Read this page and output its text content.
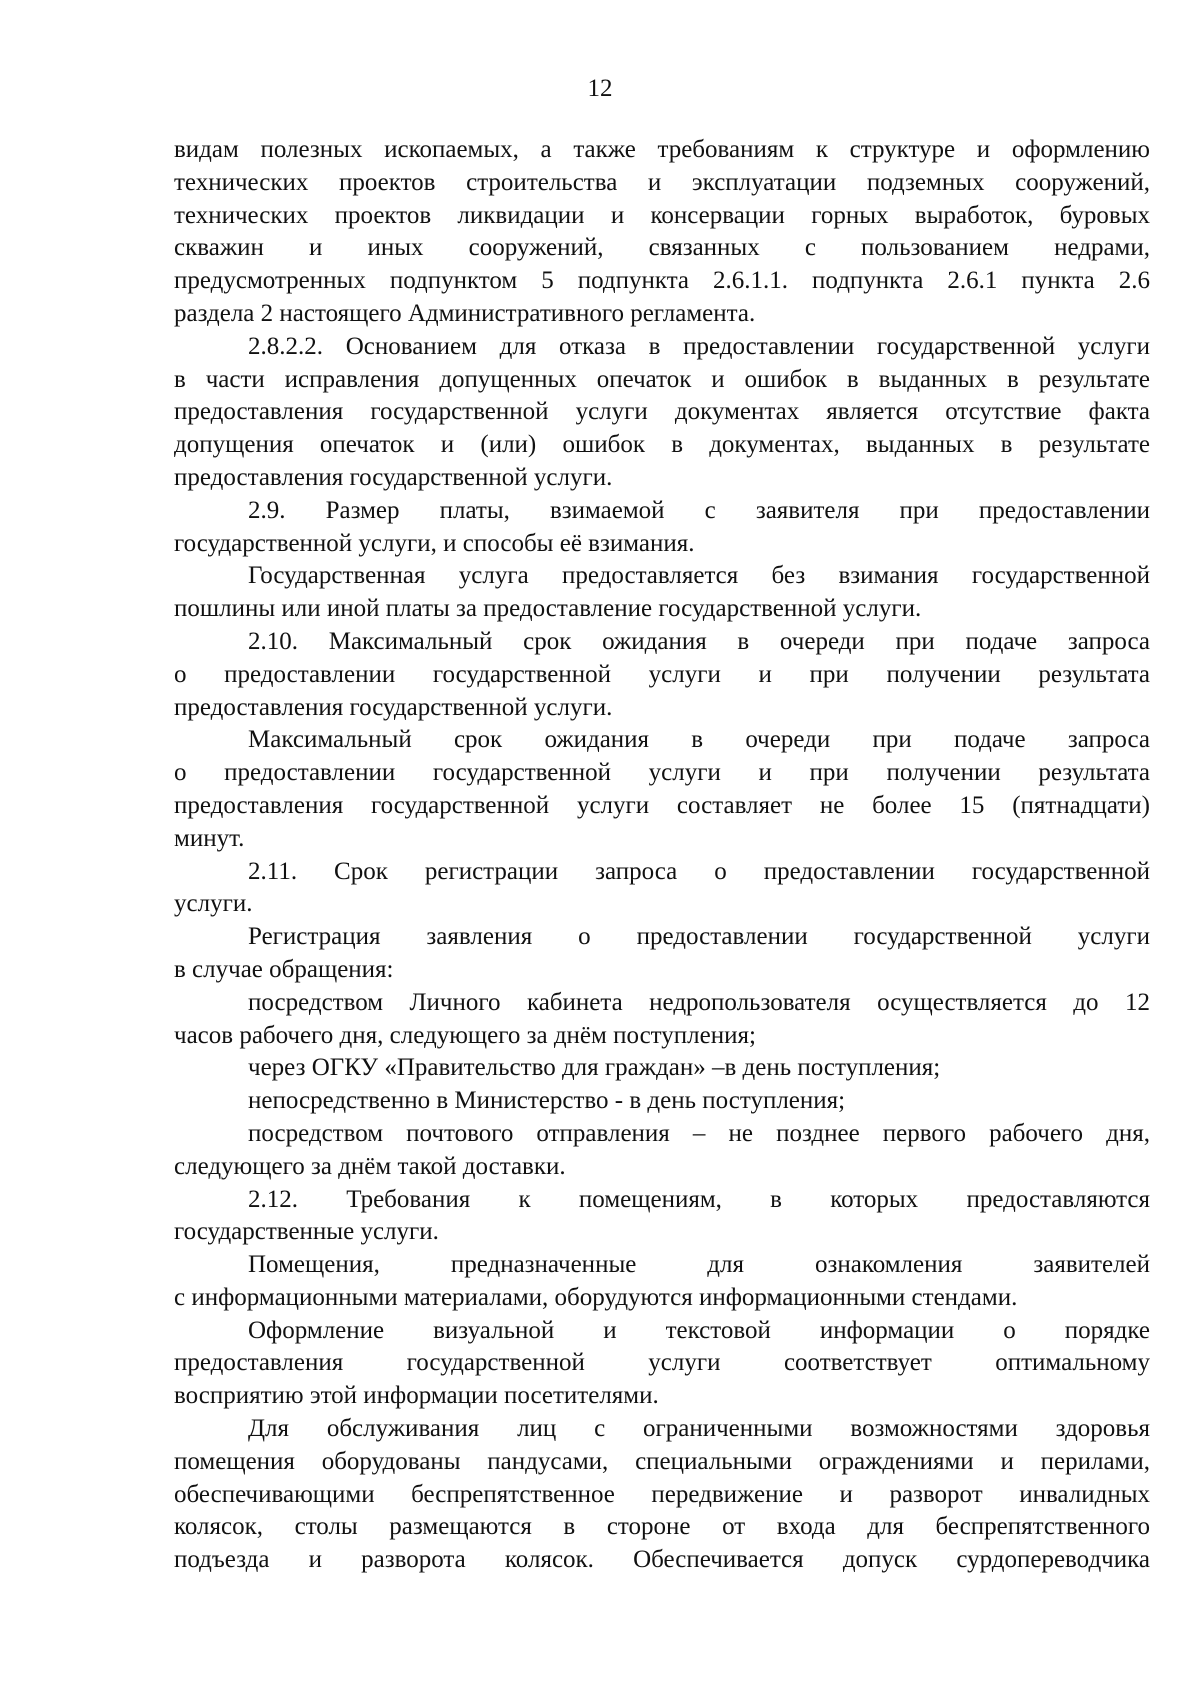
12
видам полезных ископаемых, а также требованиям к структуре и оформлению
технических проектов строительства и эксплуатации подземных сооружений,
технических проектов ликвидации и консервации горных выработок, буровых
скважин и иных сооружений, связанных с пользованием недрами,
предусмотренных подпунктом 5 подпункта 2.6.1.1. подпункта 2.6.1 пункта 2.6
раздела 2 настоящего Административного регламента.
2.8.2.2. Основанием для отказа в предоставлении государственной услуги
в части исправления допущенных опечаток и ошибок в выданных в результате
предоставления государственной услуги документах является отсутствие факта
допущения опечаток и (или) ошибок в документах, выданных в результате
предоставления государственной услуги.
2.9. Размер платы, взимаемой с заявителя при предоставлении
государственной услуги, и способы её взимания.
Государственная услуга предоставляется без взимания государственной
пошлины или иной платы за предоставление государственной услуги.
2.10. Максимальный срок ожидания в очереди при подаче запроса
о предоставлении государственной услуги и при получении результата
предоставления государственной услуги.
Максимальный срок ожидания в очереди при подаче запроса
о предоставлении государственной услуги и при получении результата
предоставления государственной услуги составляет не более 15 (пятнадцати)
минут.
2.11. Срок регистрации запроса о предоставлении государственной
услуги.
Регистрация заявления о предоставлении государственной услуги
в случае обращения:
посредством Личного кабинета недропользователя осуществляется до 12
часов рабочего дня, следующего за днём поступления;
через ОГКУ «Правительство для граждан» –в день поступления;
непосредственно в Министерство - в день поступления;
посредством почтового отправления – не позднее первого рабочего дня,
следующего за днём такой доставки.
2.12. Требования к помещениям, в которых предоставляются
государственные услуги.
Помещения, предназначенные для ознакомления заявителей
с информационными материалами, оборудуются информационными стендами.
Оформление визуальной и текстовой информации о порядке
предоставления государственной услуги соответствует оптимальному
восприятию этой информации посетителями.
Для обслуживания лиц с ограниченными возможностями здоровья
помещения оборудованы пандусами, специальными ограждениями и перилами,
обеспечивающими беспрепятственное передвижение и разворот инвалидных
колясок, столы размещаются в стороне от входа для беспрепятственного
подъезда и разворота колясок. Обеспечивается допуск сурдопереводчика
